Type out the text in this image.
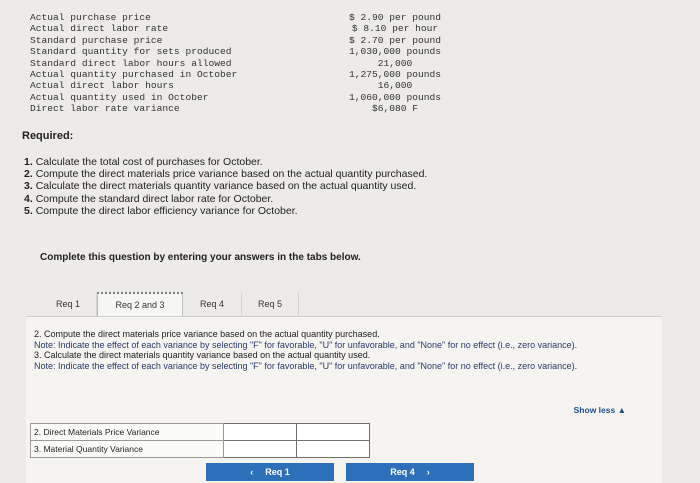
Actual purchase price	$ 2.90 per pound
Actual direct labor rate	$ 8.10 per hour
Standard purchase price	$ 2.70 per pound
Standard quantity for sets produced	1,030,000 pounds
Standard direct labor hours allowed	21,000
Actual quantity purchased in October	1,275,000 pounds
Actual direct labor hours	16,000
Actual quantity used in October	1,060,000 pounds
Direct labor rate variance	$6,080 F
Required:
1. Calculate the total cost of purchases for October.
2. Compute the direct materials price variance based on the actual quantity purchased.
3. Calculate the direct materials quantity variance based on the actual quantity used.
4. Compute the standard direct labor rate for October.
5. Compute the direct labor efficiency variance for October.
Complete this question by entering your answers in the tabs below.
Req 1	Req 2 and 3	Req 4	Req 5
2. Compute the direct materials price variance based on the actual quantity purchased.
Note: Indicate the effect of each variance by selecting "F" for favorable, "U" for unfavorable, and "None" for no effect (i.e., zero variance).
3. Calculate the direct materials quantity variance based on the actual quantity used.
Note: Indicate the effect of each variance by selecting "F" for favorable, "U" for unfavorable, and "None" for no effect (i.e., zero variance).
Show less ▲
2. Direct Materials Price Variance		
3. Material Quantity Variance		
‹ Req 1	Req 4 ›
